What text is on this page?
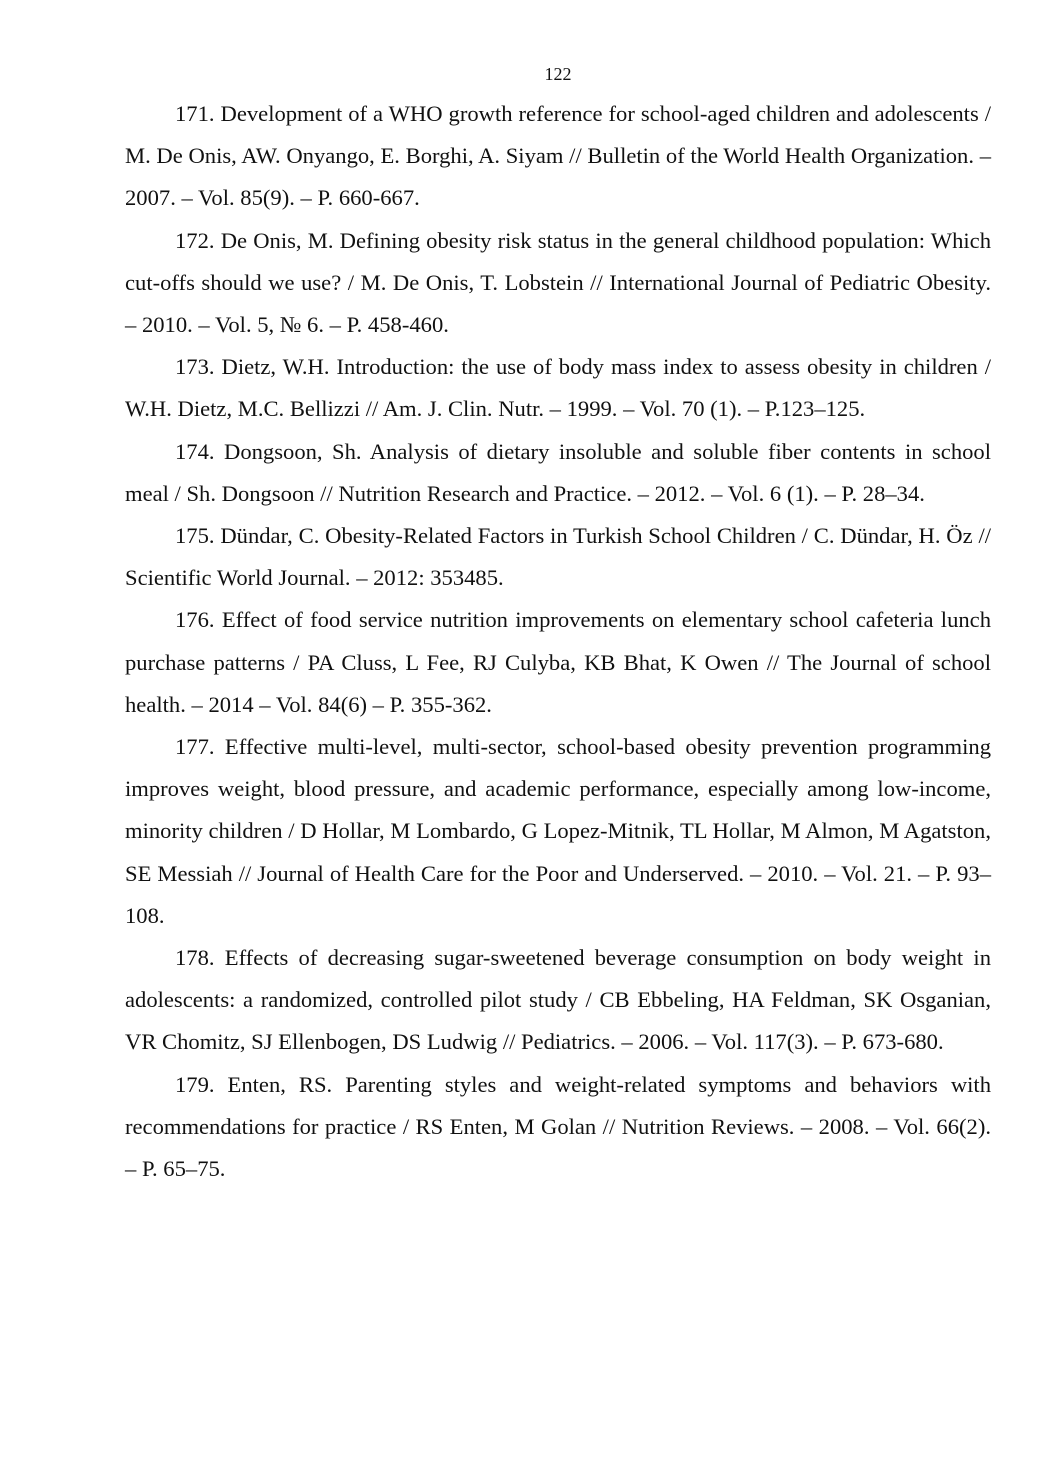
122

171. Development of a WHO growth reference for school-aged children and adolescents / M. De Onis, AW. Onyango, E. Borghi, A. Siyam // Bulletin of the World Health Organization. – 2007. – Vol. 85(9). – P. 660-667.

172. De Onis, M. Defining obesity risk status in the general childhood population: Which cut-offs should we use? / M. De Onis, T. Lobstein // International Journal of Pediatric Obesity. – 2010. – Vol. 5, № 6. – P. 458-460.

173. Dietz, W.H. Introduction: the use of body mass index to assess obesity in children / W.H. Dietz, M.C. Bellizzi // Am. J. Clin. Nutr. – 1999. – Vol. 70 (1). – P.123–125.

174. Dongsoon, Sh. Analysis of dietary insoluble and soluble fiber contents in school meal / Sh. Dongsoon // Nutrition Research and Practice. – 2012. – Vol. 6 (1). – P. 28–34.

175. Dündar, C. Obesity-Related Factors in Turkish School Children / C. Dündar, H. Öz // Scientific World Journal. – 2012: 353485.

176. Effect of food service nutrition improvements on elementary school cafeteria lunch purchase patterns / PA Cluss, L Fee, RJ Culyba, KB Bhat, K Owen // The Journal of school health. – 2014 – Vol. 84(6) – P. 355-362.

177. Effective multi-level, multi-sector, school-based obesity prevention programming improves weight, blood pressure, and academic performance, especially among low-income, minority children / D Hollar, M Lombardo, G Lopez-Mitnik, TL Hollar, M Almon, M Agatston, SE Messiah // Journal of Health Care for the Poor and Underserved. – 2010. – Vol. 21. – P. 93–108.

178. Effects of decreasing sugar-sweetened beverage consumption on body weight in adolescents: a randomized, controlled pilot study / CB Ebbeling, HA Feldman, SK Osganian, VR Chomitz, SJ Ellenbogen, DS Ludwig // Pediatrics. – 2006. – Vol. 117(3). – P. 673-680.

179. Enten, RS. Parenting styles and weight-related symptoms and behaviors with recommendations for practice / RS Enten, M Golan // Nutrition Reviews. – 2008. – Vol. 66(2). – P. 65–75.
